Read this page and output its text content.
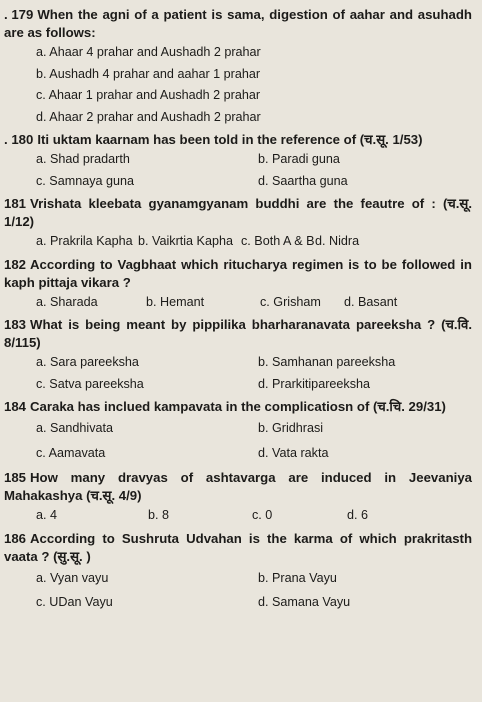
. 179 When the agni of a patient is sama, digestion of aahar and asuhadh are as follows:
a. Ahaar 4 prahar and Aushadh 2 prahar
b. Aushadh 4 prahar and aahar 1 prahar
c. Ahaar 1 prahar and Aushadh 2 prahar
d. Ahaar 2 prahar and Aushadh 2 prahar
. 180 Iti uktam kaarnam has been told in the reference of (च.सू. 1/53)
a. Shad pradarth	b. Paradi guna
c. Samnaya guna	d. Saartha guna
181 Vrishata kleebata gyanamgyanam buddhi are the feautre of : (च.सू. 1/12)
a. Prakrila Kapha b. Vaikrtia Kapha c. Both A & B d. Nidra
182 According to Vagbhaat which ritucharya regimen is to be followed in kaph pittaja vikara ?
a. Sharada	b. Hemant	c. Grisham	d. Basant
183 What is being meant by pippilika bharharanavata pareeksha ? (च.वि. 8/115)
a. Sara pareeksha	b. Samhanan pareeksha
c. Satva pareeksha	d. Prarkitipareeksha
184 Caraka has inclued kampavata in the complicatiosn of (च.चि. 29/31)
a. Sandhivata	b. Gridhrasi
c. Aamavata	d. Vata rakta
185 How many dravyas of ashtavarga are induced in Jeevaniya Mahakashya (च.सू. 4/9)
a. 4	b. 8	c. 0	d. 6
186 According to Sushruta Udvahan is the karma of which prakritasth vaata ? (सु.सू. )
a. Vyan vayu	b. Prana Vayu
c. UDan Vayu	d. Samana Vayu
